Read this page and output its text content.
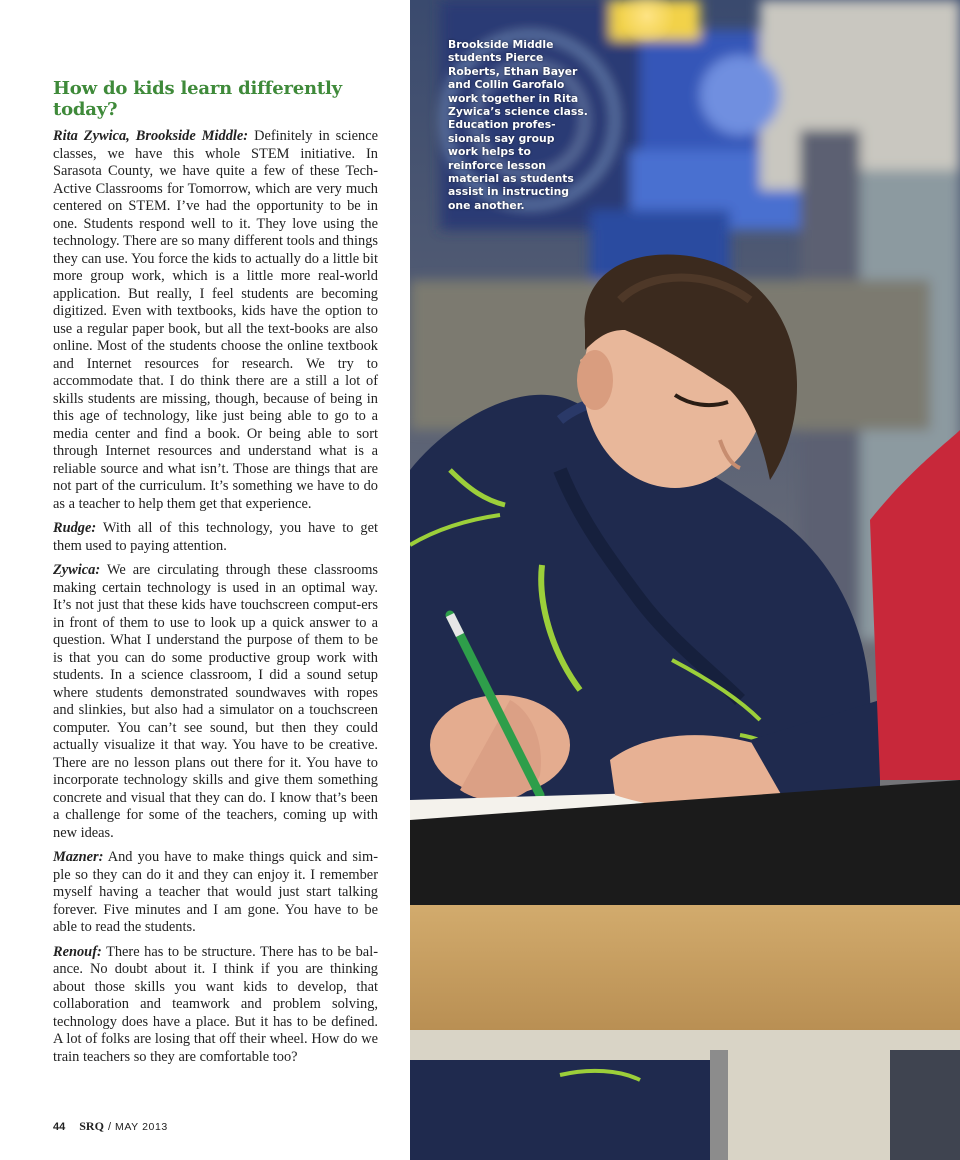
How do kids learn differently today?

Rita Zywica, Brookside Middle: Definitely in science classes, we have this whole STEM initiative. In Sarasota County, we have quite a few of these Tech-Active Classrooms for Tomorrow, which are very much centered on STEM. I’ve had the opportunity to be in one. Students respond well to it. They love using the technology. There are so many different tools and things they can use. You force the kids to actually do a little bit more group work, which is a little more real-world application. But really, I feel students are becoming digitized. Even with textbooks, kids have the option to use a regular paper book, but all the text-books are also online. Most of the students choose the online textbook and Internet resources for research. We try to accommodate that. I do think there are a still a lot of skills students are missing, though, because of being in this age of technology, like just being able to go to a media center and find a book. Or being able to sort through Internet resources and understand what is a reliable source and what isn’t. Those are things that are not part of the curriculum. It’s something we have to do as a teacher to help them get that experience.

Rudge: With all of this technology, you have to get them used to paying attention.

Zywica: We are circulating through these classrooms making certain technology is used in an optimal way. It’s not just that these kids have touchscreen comput-ers in front of them to use to look up a quick answer to a question. What I understand the purpose of them to be is that you can do some productive group work with students. In a science classroom, I did a sound setup where students demonstrated soundwaves with ropes and slinkies, but also had a simulator on a touchscreen computer. You can’t see sound, but then they could actually visualize it that way. You have to be creative. There are no lesson plans out there for it. You have to incorporate technology skills and give them something concrete and visual that they can do. I know that’s been a challenge for some of the teachers, coming up with new ideas.

Mazner: And you have to make things quick and sim-ple so they can do it and they can enjoy it. I remember myself having a teacher that would just start talking forever. Five minutes and I am gone. You have to be able to read the students.

Renouf: There has to be structure. There has to be bal-ance. No doubt about it. I think if you are thinking about those skills you want kids to develop, that collaboration and teamwork and problem solving, technology does have a place. But it has to be defined. A lot of folks are losing that off their wheel. How do we train teachers so they are comfortable too?

44 SRQ / MAY 2013

Brookside Middle students Pierce Roberts, Ethan Bayer and Collin Garofalo work together in Rita Zywica’s science class. Education profes-sionals say group work helps to reinforce lesson material as students assist in instructing one another.
